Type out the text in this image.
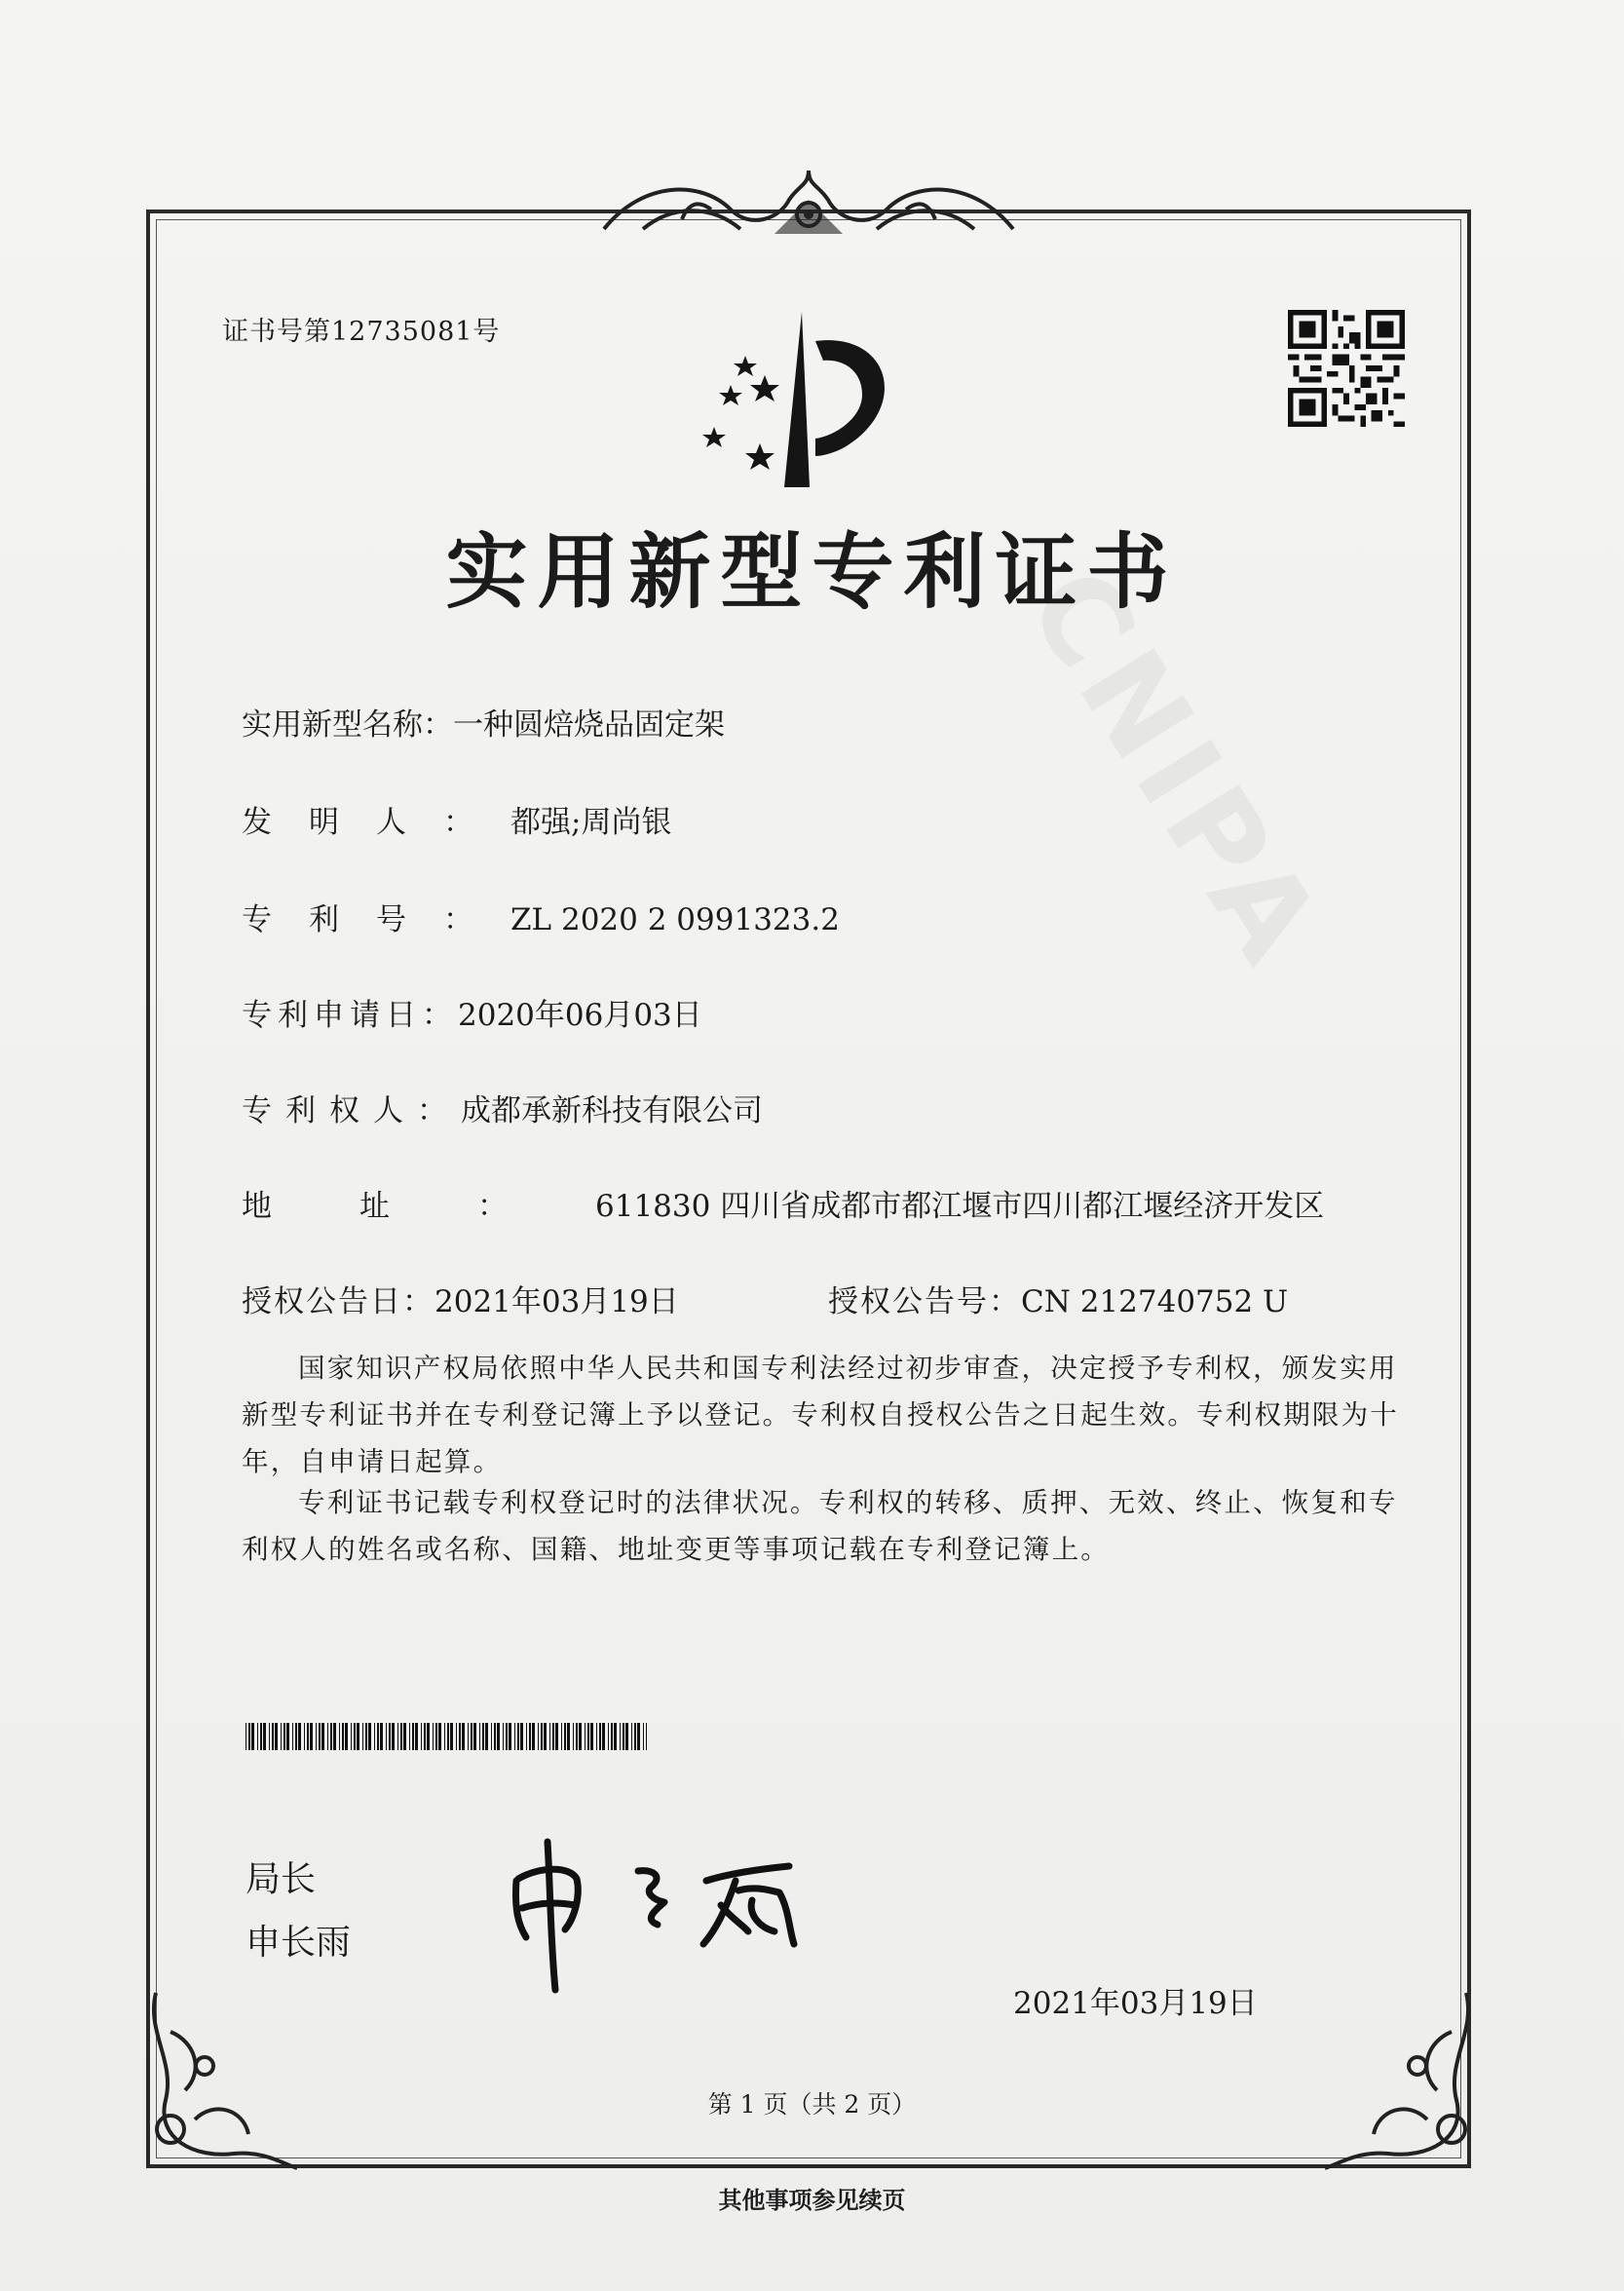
CNIPA
证书号第12735081号
实用新型专利证书
实用新型名称：一种圆焙烧品固定架
发明人：都强;周尚银
专利号：ZL 2020 2 0991323.2
专利申请日：2020年06月03日
专利权人：成都承新科技有限公司
地址：611830 四川省成都市都江堰市四川都江堰经济开发区
授权公告日：2021年03月19日	授权公告号：CN 212740752 U
国家知识产权局依照中华人民共和国专利法经过初步审查，决定授予专利权，颁发实用
新型专利证书并在专利登记簿上予以登记。专利权自授权公告之日起生效。专利权期限为十
年，自申请日起算。
专利证书记载专利权登记时的法律状况。专利权的转移、质押、无效、终止、恢复和专
利权人的姓名或名称、国籍、地址变更等事项记载在专利登记簿上。
局长
申长雨
2021年03月19日
第 1 页（共 2 页）
其他事项参见续页
